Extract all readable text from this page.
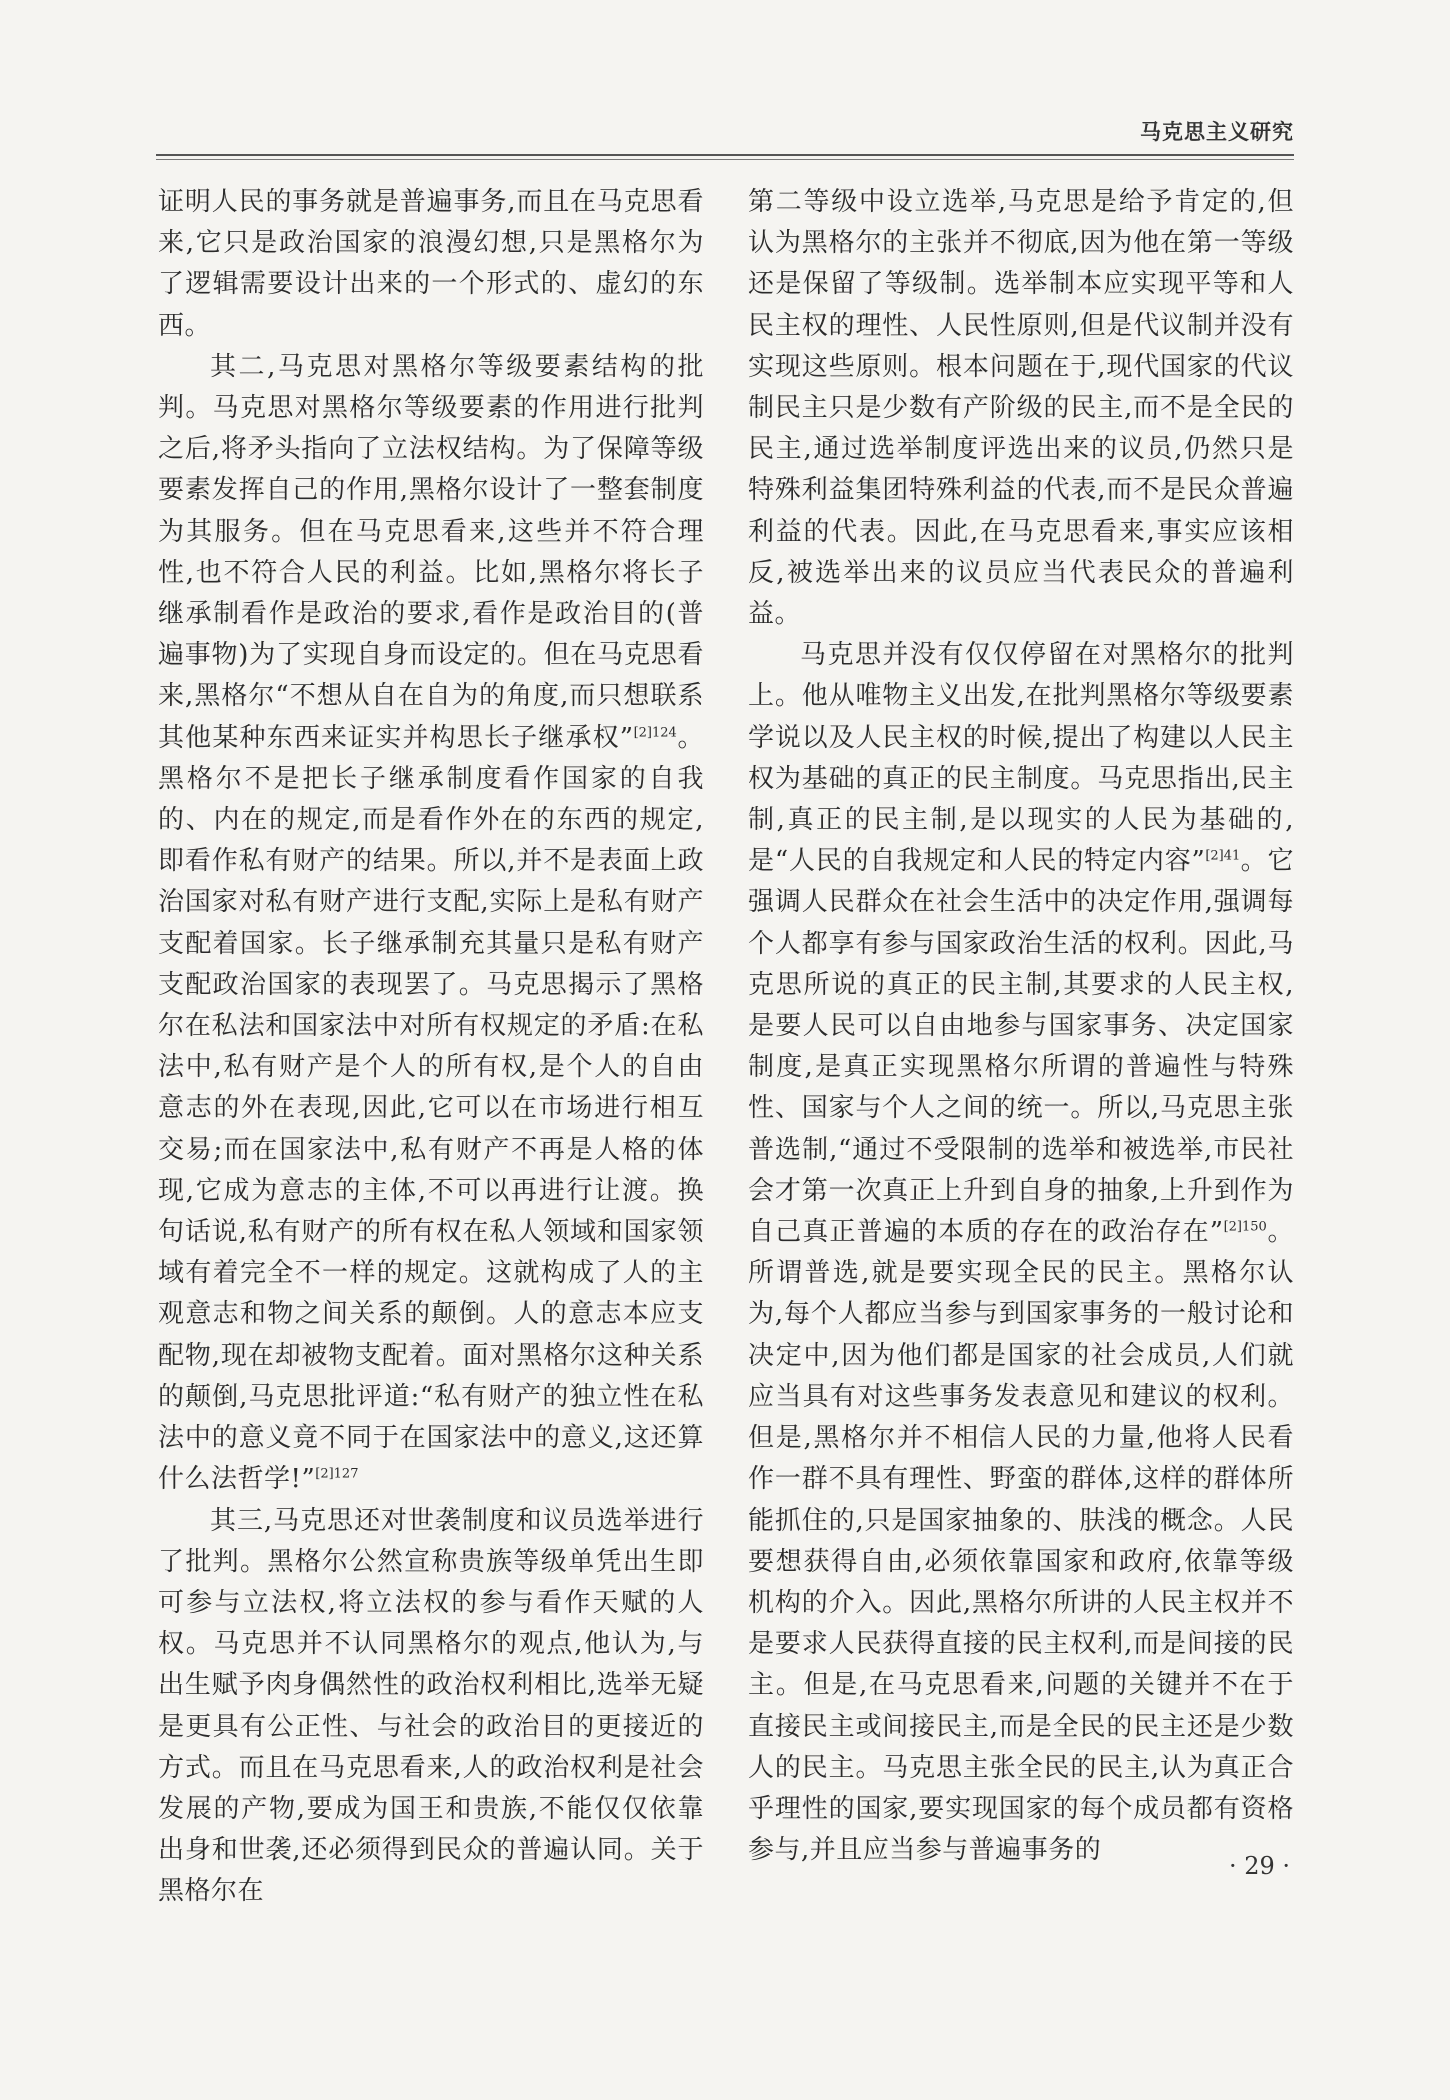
马克思主义研究

证明人民的事务就是普遍事务,而且在马克思看来,它只是政治国家的浪漫幻想,只是黑格尔为了逻辑需要设计出来的一个形式的、虚幻的东西。

其二,马克思对黑格尔等级要素结构的批判。马克思对黑格尔等级要素的作用进行批判之后,将矛头指向了立法权结构。为了保障等级要素发挥自己的作用,黑格尔设计了一整套制度为其服务。但在马克思看来,这些并不符合理性,也不符合人民的利益。比如,黑格尔将长子继承制看作是政治的要求,看作是政治目的(普遍事物)为了实现自身而设定的。但在马克思看来,黑格尔“不想从自在自为的角度,而只想联系其他某种东西来证实并构思长子继承权”$^{[2]124}$。黑格尔不是把长子继承制度看作国家的自我的、内在的规定,而是看作外在的东西的规定,即看作私有财产的结果。所以,并不是表面上政治国家对私有财产进行支配,实际上是私有财产支配着国家。长子继承制充其量只是私有财产支配政治国家的表现罢了。马克思揭示了黑格尔在私法和国家法中对所有权规定的矛盾:在私法中,私有财产是个人的所有权,是个人的自由意志的外在表现,因此,它可以在市场进行相互交易;而在国家法中,私有财产不再是人格的体现,它成为意志的主体,不可以再进行让渡。换句话说,私有财产的所有权在私人领域和国家领域有着完全不一样的规定。这就构成了人的主观意志和物之间关系的颠倒。人的意志本应支配物,现在却被物支配着。面对黑格尔这种关系的颠倒,马克思批评道:“私有财产的独立性在私法中的意义竟不同于在国家法中的意义,这还算什么法哲学!”$^{[2]127}$

其三,马克思还对世袭制度和议员选举进行了批判。黑格尔公然宣称贵族等级单凭出生即可参与立法权,将立法权的参与看作天赋的人权。马克思并不认同黑格尔的观点,他认为,与出生赋予肉身偶然性的政治权利相比,选举无疑是更具有公正性、与社会的政治目的更接近的方式。而且在马克思看来,人的政治权利是社会发展的产物,要成为国王和贵族,不能仅仅依靠出身和世袭,还必须得到民众的普遍认同。关于黑格尔在

第二等级中设立选举,马克思是给予肯定的,但认为黑格尔的主张并不彻底,因为他在第一等级还是保留了等级制。选举制本应实现平等和人民主权的理性、人民性原则,但是代议制并没有实现这些原则。根本问题在于,现代国家的代议制民主只是少数有产阶级的民主,而不是全民的民主,通过选举制度评选出来的议员,仍然只是特殊利益集团特殊利益的代表,而不是民众普遍利益的代表。因此,在马克思看来,事实应该相反,被选举出来的议员应当代表民众的普遍利益。

马克思并没有仅仅停留在对黑格尔的批判上。他从唯物主义出发,在批判黑格尔等级要素学说以及人民主权的时候,提出了构建以人民主权为基础的真正的民主制度。马克思指出,民主制,真正的民主制,是以现实的人民为基础的,是“人民的自我规定和人民的特定内容”$^{[2]41}$。它强调人民群众在社会生活中的决定作用,强调每个人都享有参与国家政治生活的权利。因此,马克思所说的真正的民主制,其要求的人民主权,是要人民可以自由地参与国家事务、决定国家制度,是真正实现黑格尔所谓的普遍性与特殊性、国家与个人之间的统一。所以,马克思主张普选制,“通过不受限制的选举和被选举,市民社会才第一次真正上升到自身的抽象,上升到作为自己真正普遍的本质的存在的政治存在”$^{[2]150}$。所谓普选,就是要实现全民的民主。黑格尔认为,每个人都应当参与到国家事务的一般讨论和决定中,因为他们都是国家的社会成员,人们就应当具有对这些事务发表意见和建议的权利。但是,黑格尔并不相信人民的力量,他将人民看作一群不具有理性、野蛮的群体,这样的群体所能抓住的,只是国家抽象的、肤浅的概念。人民要想获得自由,必须依靠国家和政府,依靠等级机构的介入。因此,黑格尔所讲的人民主权并不是要求人民获得直接的民主权利,而是间接的民主。但是,在马克思看来,问题的关键并不在于直接民主或间接民主,而是全民的民主还是少数人的民主。马克思主张全民的民主,认为真正合乎理性的国家,要实现国家的每个成员都有资格参与,并且应当参与普遍事务的

· 29 ·
